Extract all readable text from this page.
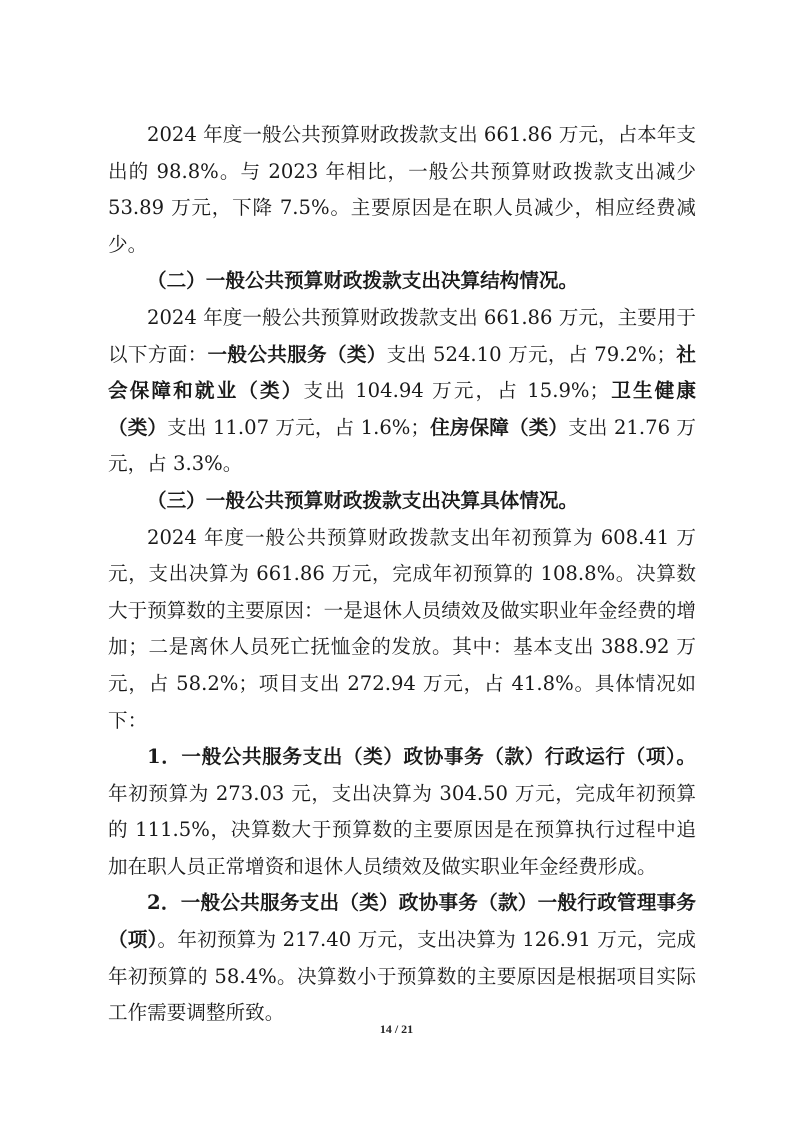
2024 年度一般公共预算财政拨款支出 661.86 万元，占本年支出的 98.8%。与 2023 年相比，一般公共预算财政拨款支出减少 53.89 万元，下降 7.5%。主要原因是在职人员减少，相应经费减少。

（二）一般公共预算财政拨款支出决算结构情况。

2024 年度一般公共预算财政拨款支出 661.86 万元，主要用于以下方面：一般公共服务（类）支出 524.10 万元，占 79.2%；社会保障和就业（类）支出 104.94 万元，占 15.9%；卫生健康（类）支出 11.07 万元，占 1.6%；住房保障（类）支出 21.76 万元，占 3.3%。

（三）一般公共预算财政拨款支出决算具体情况。

2024 年度一般公共预算财政拨款支出年初预算为 608.41 万元，支出决算为 661.86 万元，完成年初预算的 108.8%。决算数大于预算数的主要原因：一是退休人员绩效及做实职业年金经费的增加；二是离休人员死亡抚恤金的发放。其中：基本支出 388.92 万元，占 58.2%；项目支出 272.94 万元，占 41.8%。具体情况如下：

1．一般公共服务支出（类）政协事务（款）行政运行（项）。年初预算为 273.03 元，支出决算为 304.50 万元，完成年初预算的 111.5%，决算数大于预算数的主要原因是在预算执行过程中追加在职人员正常增资和退休人员绩效及做实职业年金经费形成。

2．一般公共服务支出（类）政协事务（款）一般行政管理事务（项）。年初预算为 217.40 万元，支出决算为 126.91 万元，完成年初预算的 58.4%。决算数小于预算数的主要原因是根据项目实际工作需要调整所致。

14 / 21
